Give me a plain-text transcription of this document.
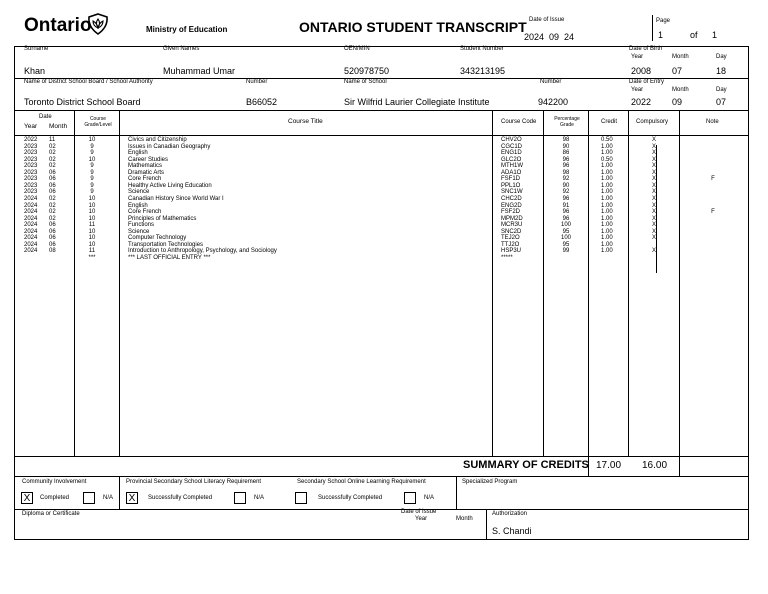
Ontario	Ministry of Education	ONTARIO STUDENT TRANSCRIPT Date of Issue
2024  09  24
Page
1	of 1
Surname	Given Names	OEN/MIN	Student Number	Date of Birth
Year	Month	Day
Khan	Muhammad Umar	520978750	343213195	2008 07	18
Name of District School Board / School Authority	Number	Name of School	Number	Date of Entry
Year	Month	Day
Toronto District School Board	B66052	Sir Wilfrid Laurier Collegiate Institute	942200	2022 09	07
Date
Year Month
Course Grade/Level	Course Title	Course Code	Percentage Grade	Credit	Compulsory	Note
2022 11	10	Civics and Citizenship	CHV2O	98	0.50	X
2023 02	9	Issues in Canadian Geography	CGC1D	90	1.00	X
2023 02	9	English	ENG1D	86	1.00	X
2023 02	10	Career Studies	GLC2O	96	0.50	X
2023 02	9	Mathematics	MTH1W	96	1.00	X
2023 06	9	Dramatic Arts	ADA1O	98	1.00	X
2023 06	9	Core French	FSF1D	92	1.00	X	F
2023 06	9	Healthy Active Living Education	PPL1O	90	1.00	X
2023 06	9	Science	SNC1W	92	1.00	X
2024 02	10	Canadian History Since World War I	CHC2D	96	1.00	X
2024 02	10	English	ENG2D	91	1.00	X
2024 02	10	Core French	FSF2D	96	1.00	X	F
2024 02	10	Principles of Mathematics	MPM2D	96	1.00	X
2024 06	11	Functions	MCR3U	100	1.00	X
2024 06	10	Science	SNC2D	95	1.00	X
2024 06	10	Computer Technology	TEJ2O	100	1.00	X
2024 06	10	Transportation Technologies	TTJ2O	95	1.00
2024 08	11	Introduction to Anthropology, Psychology, and Sociology	HSP3U	99	1.00	X
***	*** LAST OFFICIAL ENTRY ***	*****
SUMMARY OF CREDITS 17.00 16.00
Community Involvement
X	Completed	N/A
Provincial Secondary School Literacy Requirement
X	Successfully Completed	N/A
Secondary School Online Learning Requirement
Successfully Completed	N/A
Specialized Program
Diploma or Certificate	Date of Issue
Year	Month
Authorization
S. Chandi
